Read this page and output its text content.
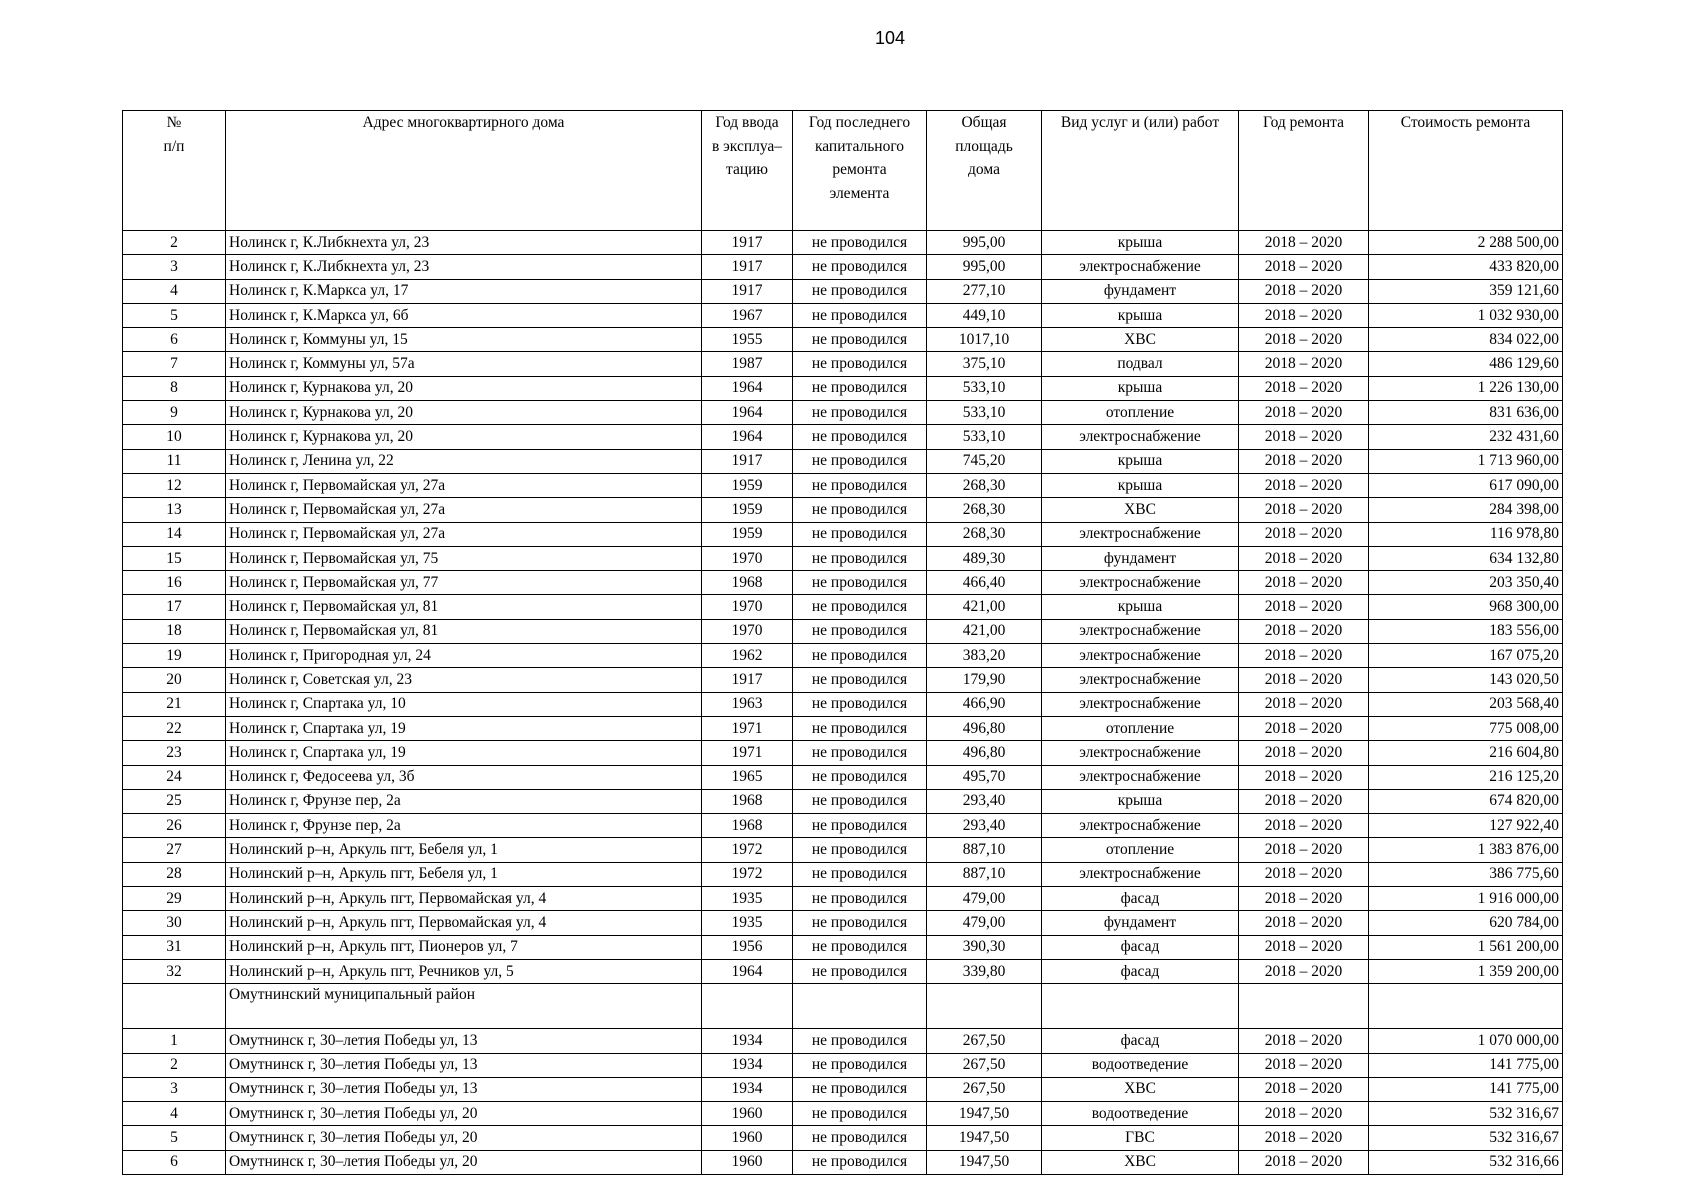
104
№
п/п	Адрес многоквартирного дома	Год ввода
в эксплуа–
тацию	Год последнего
капитального
ремонта
элемента	Общая
площадь
дома	Вид услуг и (или) работ	Год ремонта	Стоимость ремонта

2	Нолинск г, К.Либкнехта ул, 23	1917	не проводился	995,00	крыша	2018 – 2020	2 288 500,00
3	Нолинск г, К.Либкнехта ул, 23	1917	не проводился	995,00	электроснабжение	2018 – 2020	433 820,00
4	Нолинск г, К.Маркса ул, 17	1917	не проводился	277,10	фундамент	2018 – 2020	359 121,60
5	Нолинск г, К.Маркса ул, 6б	1967	не проводился	449,10	крыша	2018 – 2020	1 032 930,00
6	Нолинск г, Коммуны ул, 15	1955	не проводился	1017,10	ХВС	2018 – 2020	834 022,00
7	Нолинск г, Коммуны ул, 57а	1987	не проводился	375,10	подвал	2018 – 2020	486 129,60
8	Нолинск г, Курнакова ул, 20	1964	не проводился	533,10	крыша	2018 – 2020	1 226 130,00
9	Нолинск г, Курнакова ул, 20	1964	не проводился	533,10	отопление	2018 – 2020	831 636,00
10	Нолинск г, Курнакова ул, 20	1964	не проводился	533,10	электроснабжение	2018 – 2020	232 431,60
11	Нолинск г, Ленина ул, 22	1917	не проводился	745,20	крыша	2018 – 2020	1 713 960,00
12	Нолинск г, Первомайская ул, 27а	1959	не проводился	268,30	крыша	2018 – 2020	617 090,00
13	Нолинск г, Первомайская ул, 27а	1959	не проводился	268,30	ХВС	2018 – 2020	284 398,00
14	Нолинск г, Первомайская ул, 27а	1959	не проводился	268,30	электроснабжение	2018 – 2020	116 978,80
15	Нолинск г, Первомайская ул, 75	1970	не проводился	489,30	фундамент	2018 – 2020	634 132,80
16	Нолинск г, Первомайская ул, 77	1968	не проводился	466,40	электроснабжение	2018 – 2020	203 350,40
17	Нолинск г, Первомайская ул, 81	1970	не проводился	421,00	крыша	2018 – 2020	968 300,00
18	Нолинск г, Первомайская ул, 81	1970	не проводился	421,00	электроснабжение	2018 – 2020	183 556,00
19	Нолинск г, Пригородная ул, 24	1962	не проводился	383,20	электроснабжение	2018 – 2020	167 075,20
20	Нолинск г, Советская ул, 23	1917	не проводился	179,90	электроснабжение	2018 – 2020	143 020,50
21	Нолинск г, Спартака ул, 10	1963	не проводился	466,90	электроснабжение	2018 – 2020	203 568,40
22	Нолинск г, Спартака ул, 19	1971	не проводился	496,80	отопление	2018 – 2020	775 008,00
23	Нолинск г, Спартака ул, 19	1971	не проводился	496,80	электроснабжение	2018 – 2020	216 604,80
24	Нолинск г, Федосеева ул, 3б	1965	не проводился	495,70	электроснабжение	2018 – 2020	216 125,20
25	Нолинск г, Фрунзе пер, 2а	1968	не проводился	293,40	крыша	2018 – 2020	674 820,00
26	Нолинск г, Фрунзе пер, 2а	1968	не проводился	293,40	электроснабжение	2018 – 2020	127 922,40
27	Нолинский р–н, Аркуль пгт, Бебеля ул, 1	1972	не проводился	887,10	отопление	2018 – 2020	1 383 876,00
28	Нолинский р–н, Аркуль пгт, Бебеля ул, 1	1972	не проводился	887,10	электроснабжение	2018 – 2020	386 775,60
29	Нолинский р–н, Аркуль пгт, Первомайская ул, 4	1935	не проводился	479,00	фасад	2018 – 2020	1 916 000,00
30	Нолинский р–н, Аркуль пгт, Первомайская ул, 4	1935	не проводился	479,00	фундамент	2018 – 2020	620 784,00
31	Нолинский р–н, Аркуль пгт, Пионеров ул, 7	1956	не проводился	390,30	фасад	2018 – 2020	1 561 200,00
32	Нолинский р–н, Аркуль пгт, Речников ул, 5	1964	не проводился	339,80	фасад	2018 – 2020	1 359 200,00
	Омутнинский муниципальный район						
1	Омутнинск г, 30–летия Победы ул, 13	1934	не проводился	267,50	фасад	2018 – 2020	1 070 000,00
2	Омутнинск г, 30–летия Победы ул, 13	1934	не проводился	267,50	водоотведение	2018 – 2020	141 775,00
3	Омутнинск г, 30–летия Победы ул, 13	1934	не проводился	267,50	ХВС	2018 – 2020	141 775,00
4	Омутнинск г, 30–летия Победы ул, 20	1960	не проводился	1947,50	водоотведение	2018 – 2020	532 316,67
5	Омутнинск г, 30–летия Победы ул, 20	1960	не проводился	1947,50	ГВС	2018 – 2020	532 316,67
6	Омутнинск г, 30–летия Победы ул, 20	1960	не проводился	1947,50	ХВС	2018 – 2020	532 316,66
